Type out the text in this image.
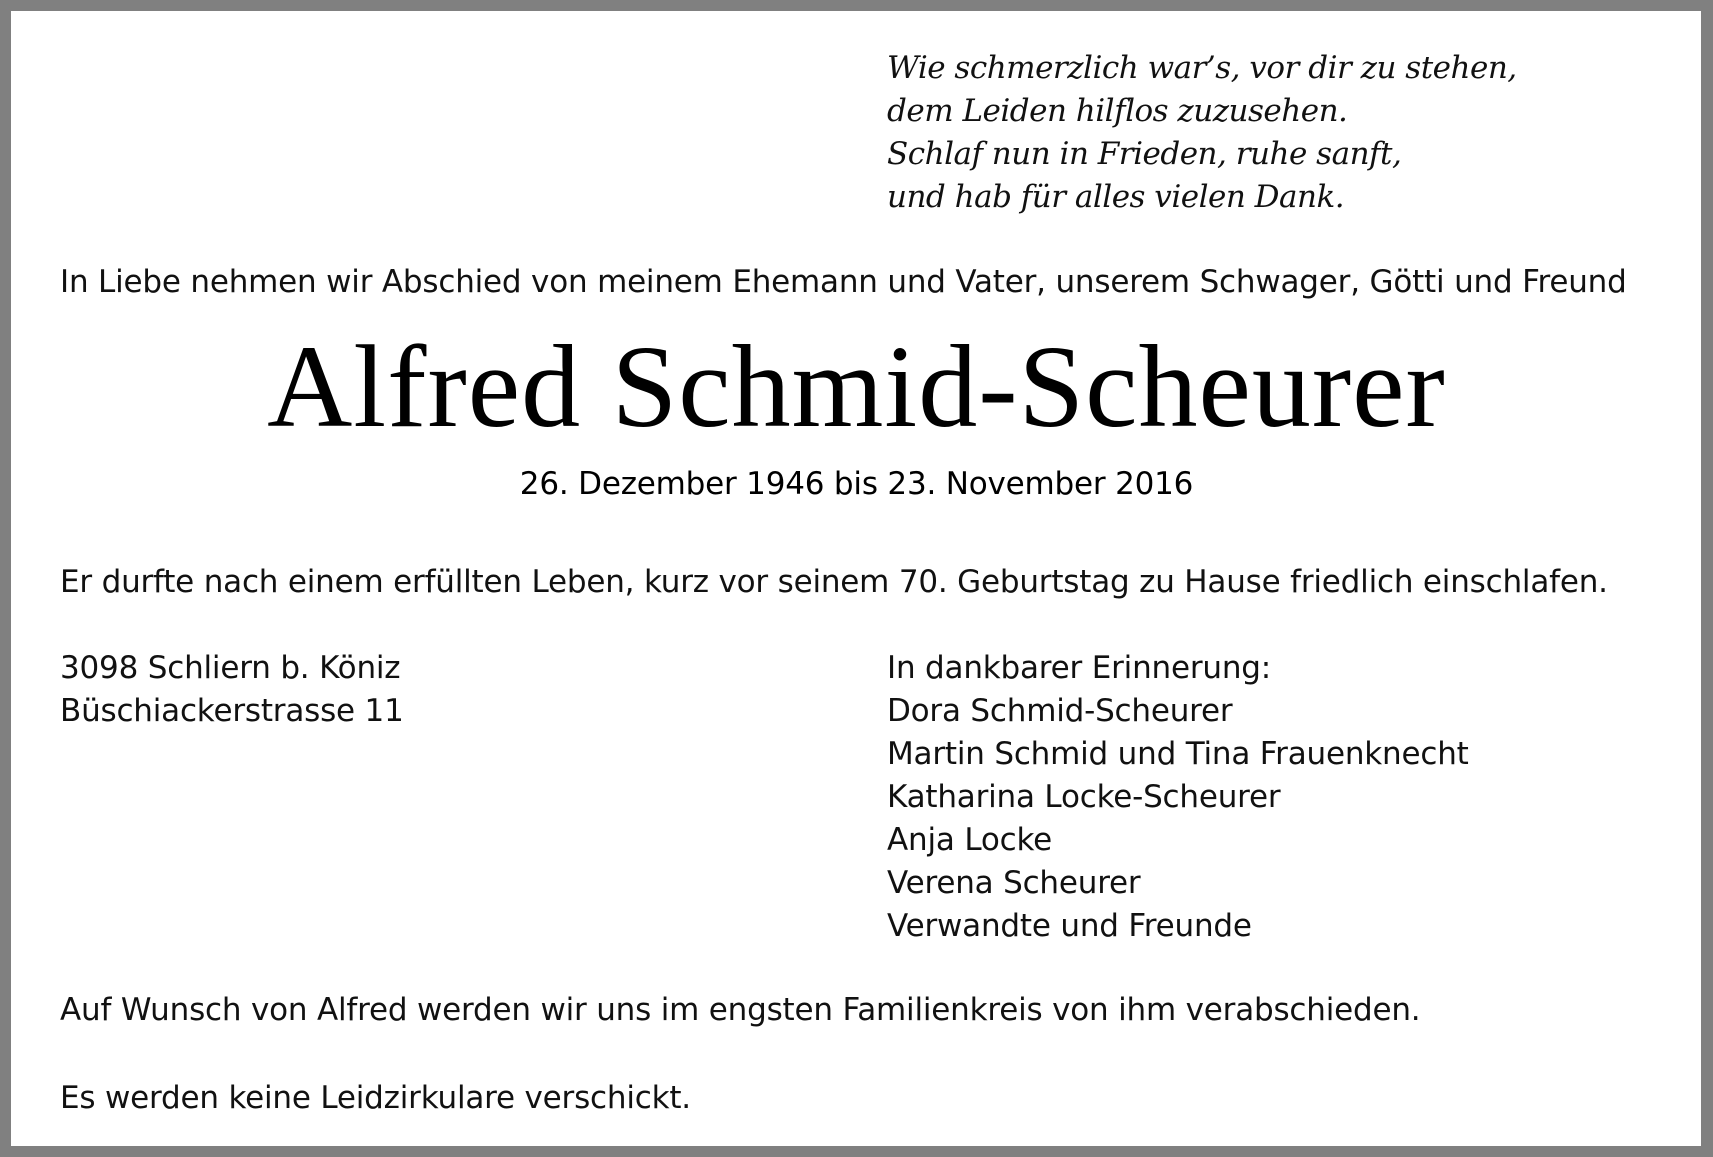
Wie schmerzlich war’s, vor dir zu stehen,
dem Leiden hilflos zuzusehen.
Schlaf nun in Frieden, ruhe sanft,
und hab für alles vielen Dank.
In Liebe nehmen wir Abschied von meinem Ehemann und Vater, unserem Schwager, Götti und Freund
Er durfte nach einem erfüllten Leben, kurz vor seinem 70. Geburtstag zu Hause friedlich einschlafen.
3098 Schliern b. Köniz
Büschiackerstrasse 11
In dankbarer Erinnerung:
Dora Schmid-Scheurer
Martin Schmid und Tina Frauenknecht
Katharina Locke-Scheurer
Anja Locke
Verena Scheurer
Verwandte und Freunde
Auf Wunsch von Alfred werden wir uns im engsten Familienkreis von ihm verabschieden.
Es werden keine Leidzirkulare verschickt.
Alfred Schmid-Scheurer
26. Dezember 1946 bis 23. November 2016
